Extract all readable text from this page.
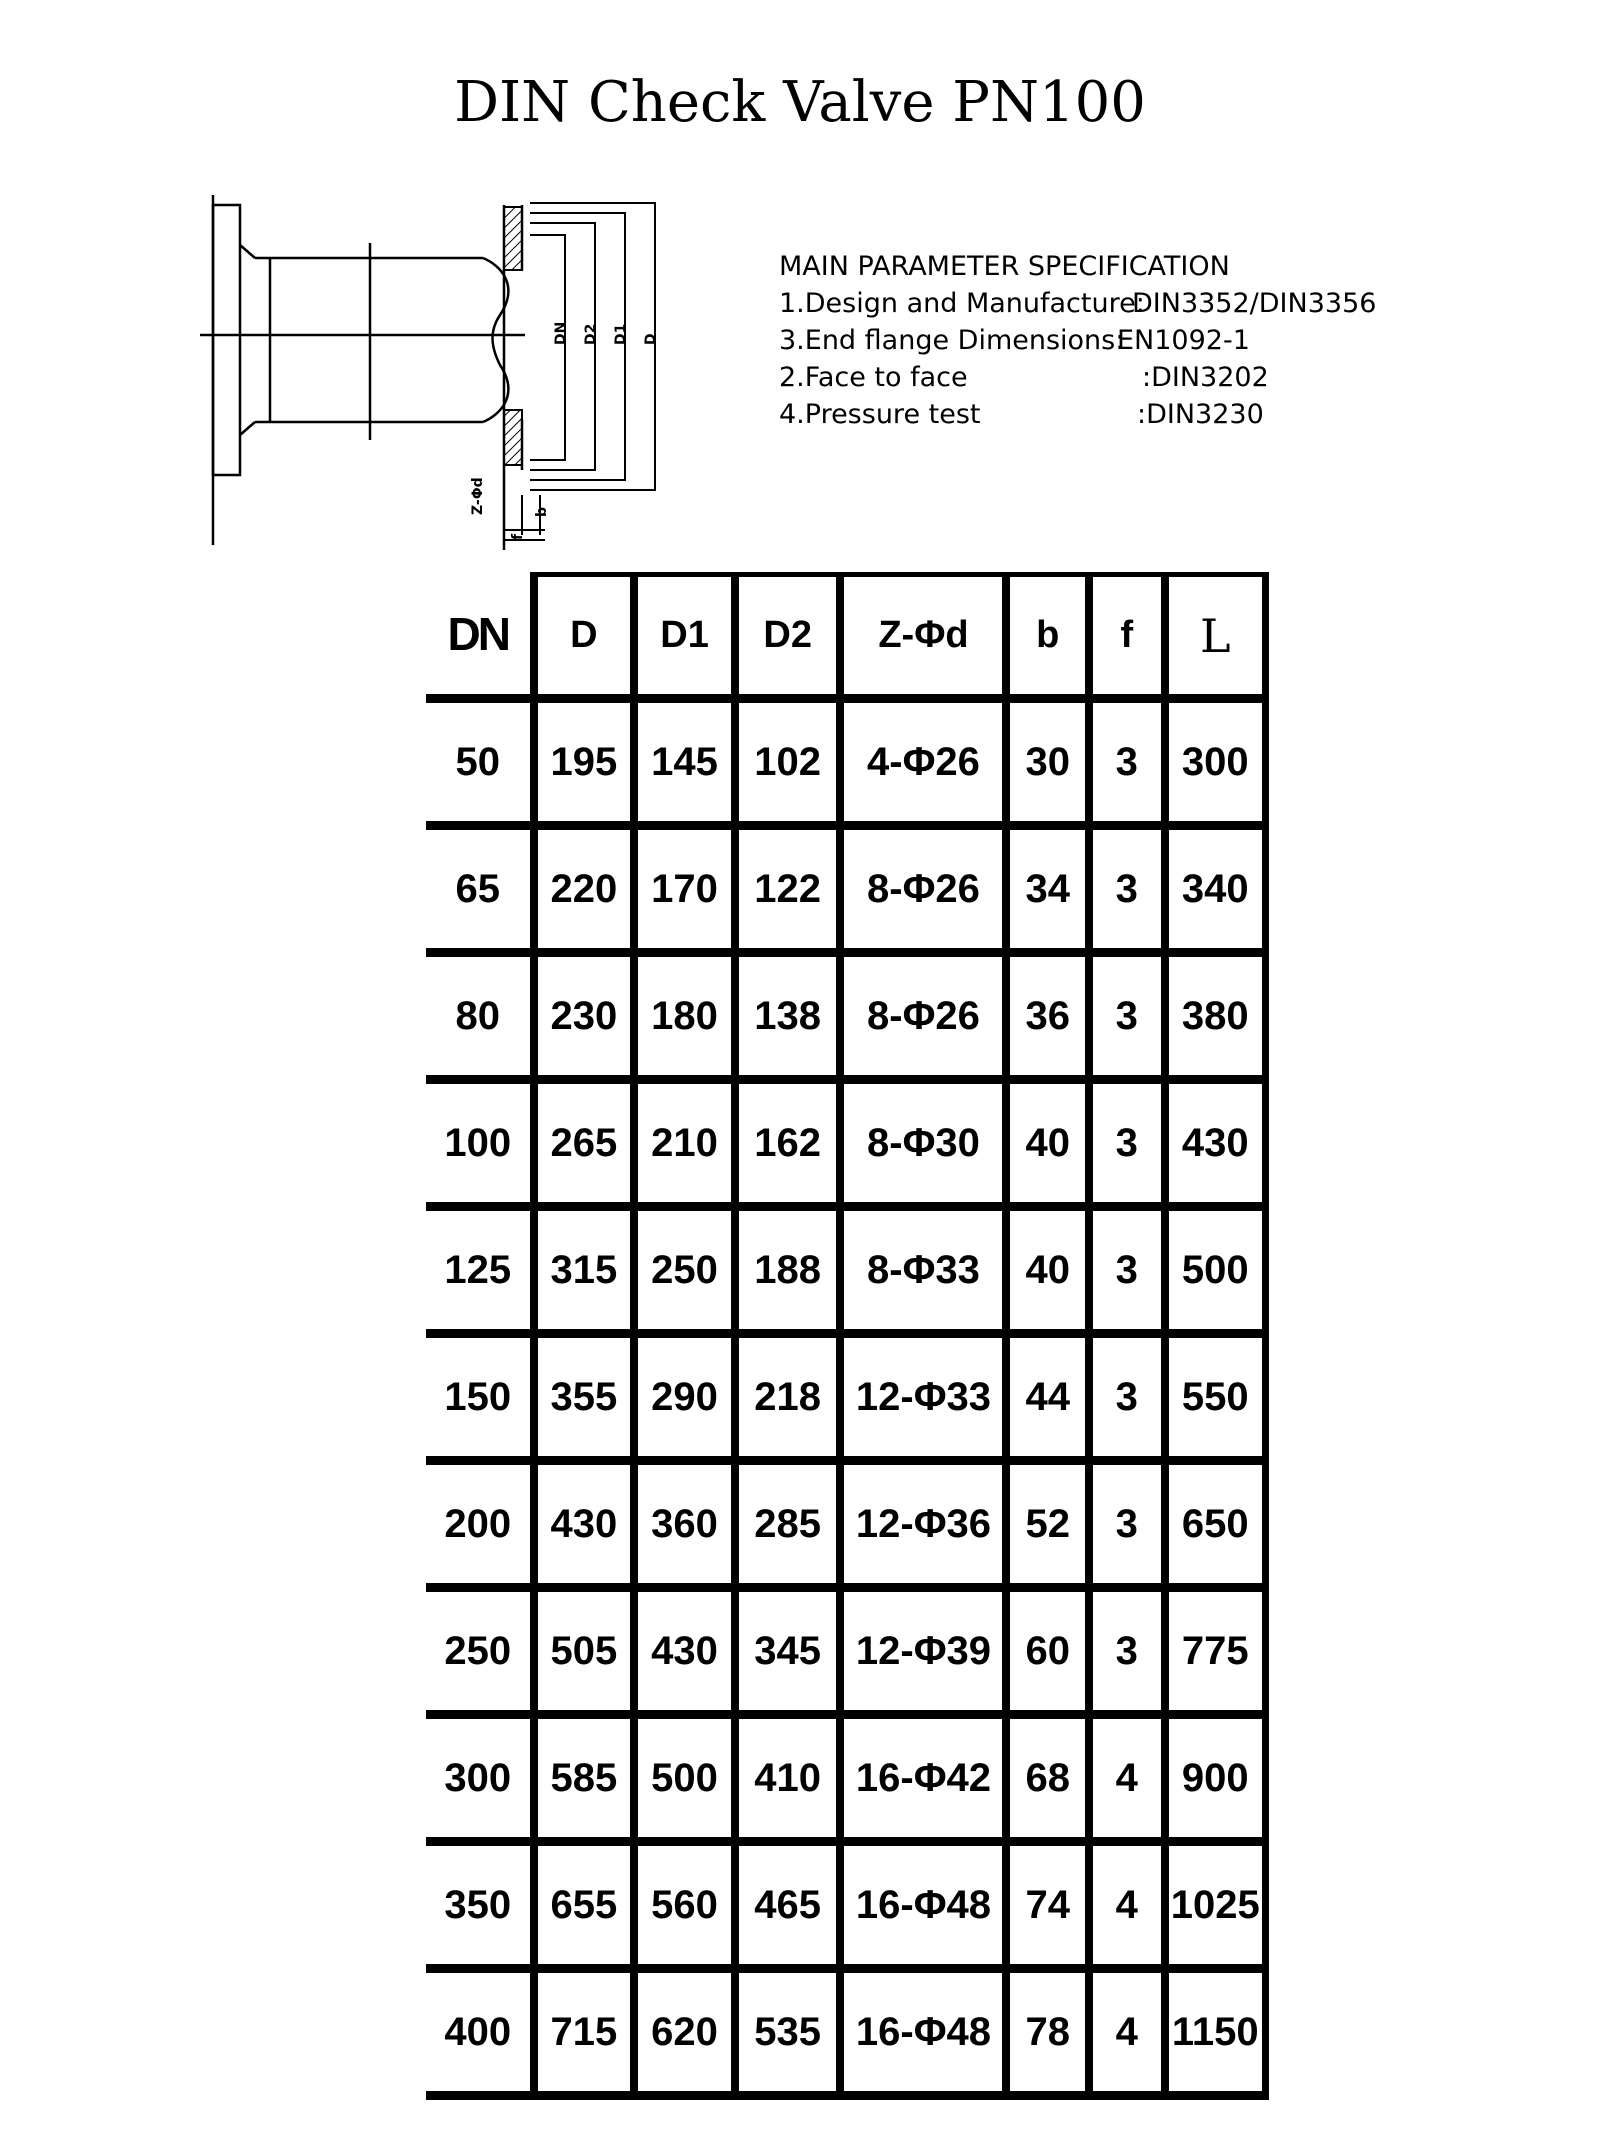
DIN Check Valve PN100
DN D2 D1 D
Z-Φd
f
b
MAIN PARAMETER SPECIFICATION
1.Design and Manufacture:
DIN3352/DIN3356
3.End flange Dimensions:
EN1092-1
2.Face to face	:DIN3202
4.Pressure test	:DIN3230
DN	D	D1	D2	Z-Φd	b	f	L
50	195	145	102	4-Φ26	30	3	300
65	220	170	122	8-Φ26	34	3	340
80	230	180	138	8-Φ26	36	3	380
100	265	210	162	8-Φ30	40	3	430
125	315	250	188	8-Φ33	40	3	500
150	355	290	218	12-Φ33	44	3	550
200	430	360	285	12-Φ36	52	3	650
250	505	430	345	12-Φ39	60	3	775
300	585	500	410	16-Φ42	68	4	900
350	655	560	465	16-Φ48	74	4	1025
400	715	620	535	16-Φ48	78	4	1150
